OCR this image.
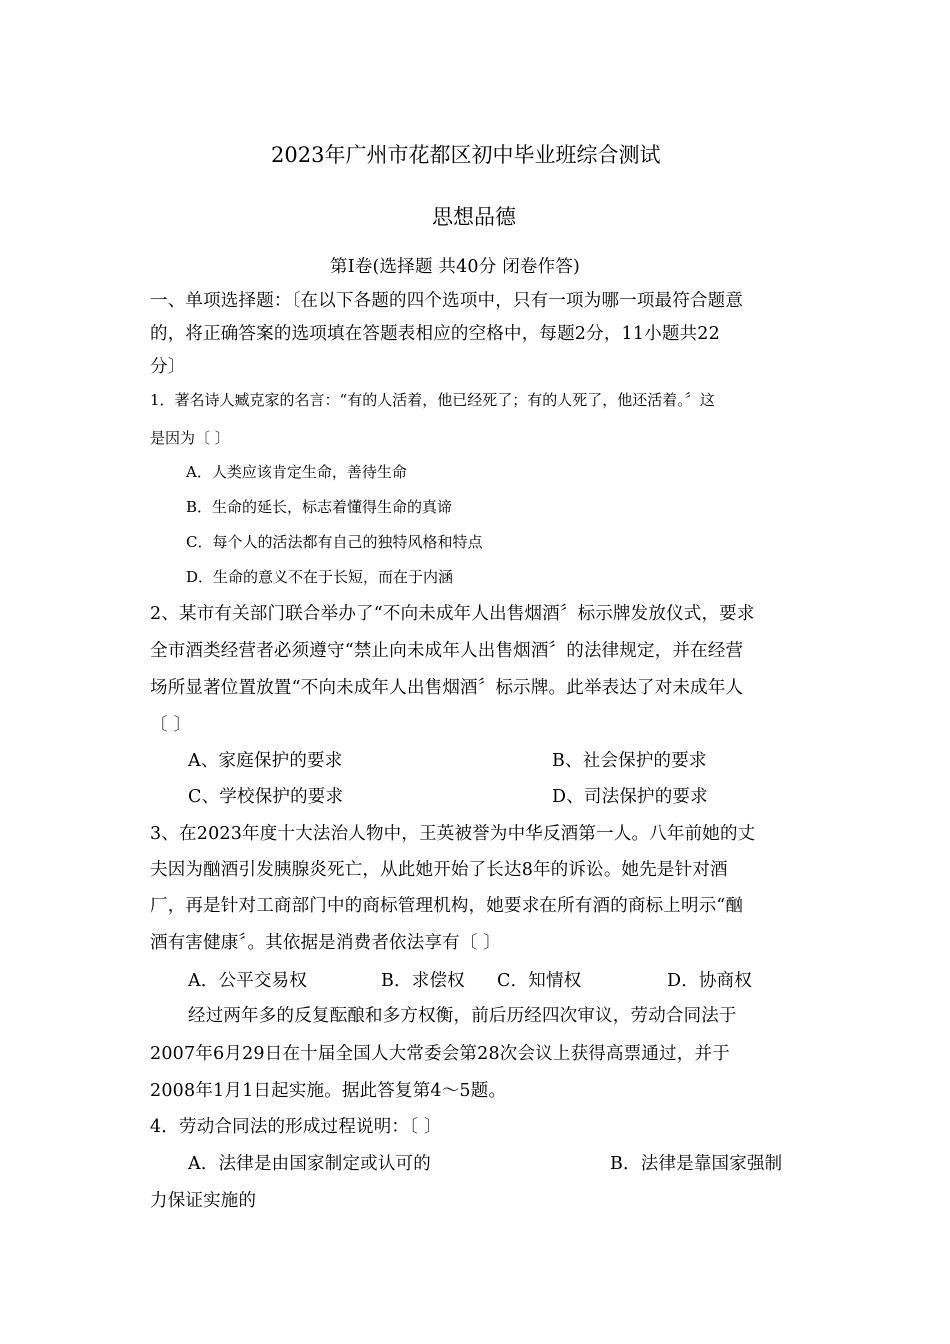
2023年广州市花都区初中毕业班综合测试
思想品德
第I卷(选择题 共40分 闭卷作答)
一、单项选择题：〔在以下各题的四个选项中，只有一项为哪一项最符合题意
的，将正确答案的选项填在答题表相应的空格中，每题2分，11小题共22
分〕
1．著名诗人臧克家的名言：“有的人活着，他已经死了；有的人死了，他还活着。〞这
是因为〔 〕
A．人类应该肯定生命，善待生命
B．生命的延长，标志着懂得生命的真谛
C．每个人的活法都有自己的独特风格和特点
D．生命的意义不在于长短，而在于内涵
2、某市有关部门联合举办了“不向未成年人出售烟酒〞标示牌发放仪式，要求
全市酒类经营者必须遵守“禁止向未成年人出售烟酒〞的法律规定，并在经营
场所显著位置放置“不向未成年人出售烟酒〞标示牌。此举表达了对未成年人
〔 〕
A、家庭保护的要求	B、社会保护的要求
C、学校保护的要求	D、司法保护的要求
3、在2023年度十大法治人物中，王英被誉为中华反酒第一人。八年前她的丈
夫因为酗酒引发胰腺炎死亡，从此她开始了长达8年的诉讼。她先是针对酒
厂，再是针对工商部门中的商标管理机构，她要求在所有酒的商标上明示“酗
酒有害健康〞。其依据是消费者依法享有〔 〕
A．公平交易权	B．求偿权 C．知情权	D．协商权
经过两年多的反复酝酿和多方权衡，前后历经四次审议，劳动合同法于
2007年6月29日在十届全国人大常委会第28次会议上获得高票通过，并于
2008年1月1日起实施。据此答复第4～5题。
4．劳动合同法的形成过程说明：〔 〕
A．法律是由国家制定或认可的	B．法律是靠国家强制
力保证实施的
